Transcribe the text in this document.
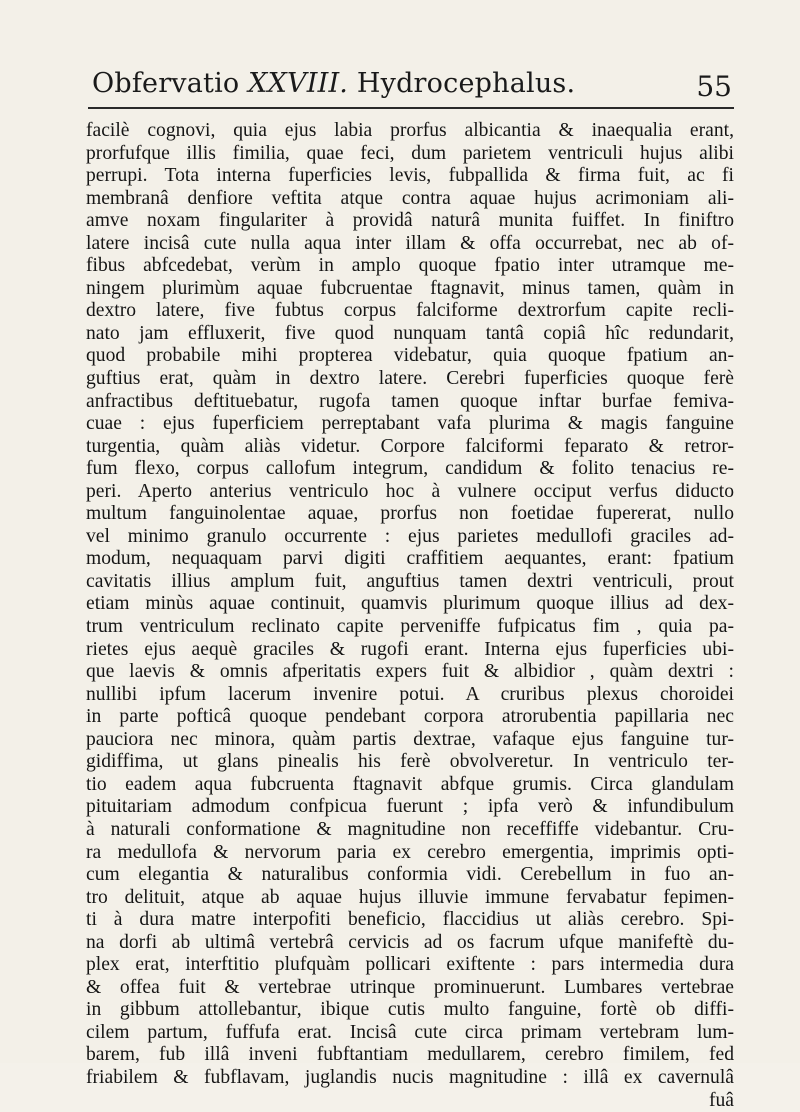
Obfervatio XXVIII. Hydrocephalus.	55
facilè cognovi, quia ejus labia prorfus albicantia & inaequalia erant,
prorfufque illis fimilia, quae feci, dum parietem ventriculi hujus alibi
perrupi. Tota interna fuperficies levis, fubpallida & firma fuit, ac fi
membranâ denfiore veftita atque contra aquae hujus acrimoniam ali-
amve noxam fingulariter à providâ naturâ munita fuiffet. In finiftro
latere incisâ cute nulla aqua inter illam & offa occurrebat, nec ab of-
fibus abfcedebat, verùm in amplo quoque fpatio inter utramque me-
ningem plurimùm aquae fubcruentae ftagnavit, minus tamen, quàm in
dextro latere, five fubtus corpus falciforme dextrorfum capite recli-
nato jam effluxerit, five quod nunquam tantâ copiâ hîc redundarit,
quod probabile mihi propterea videbatur, quia quoque fpatium an-
guftius erat, quàm in dextro latere. Cerebri fuperficies quoque ferè
anfractibus deftituebatur, rugofa tamen quoque inftar burfae femiva-
cuae : ejus fuperficiem perreptabant vafa plurima & magis fanguine
turgentia, quàm aliàs videtur. Corpore falciformi feparato & retror-
fum flexo, corpus callofum integrum, candidum & folito tenacius re-
peri. Aperto anterius ventriculo hoc à vulnere occiput verfus diducto
multum fanguinolentae aquae, prorfus non foetidae fupererat, nullo
vel minimo granulo occurrente : ejus parietes medullofi graciles ad-
modum, nequaquam parvi digiti craffitiem aequantes, erant: fpatium
cavitatis illius amplum fuit, anguftius tamen dextri ventriculi, prout
etiam minùs aquae continuit, quamvis plurimum quoque illius ad dex-
trum ventriculum reclinato capite perveniffe fufpicatus fim , quia pa-
rietes ejus aequè graciles & rugofi erant. Interna ejus fuperficies ubi-
que laevis & omnis afperitatis expers fuit & albidior , quàm dextri :
nullibi ipfum lacerum invenire potui. A cruribus plexus choroidei
in parte pofticâ quoque pendebant corpora atrorubentia papillaria nec
pauciora nec minora, quàm partis dextrae, vafaque ejus fanguine tur-
gidiffima, ut glans pinealis his ferè obvolveretur. In ventriculo ter-
tio eadem aqua fubcruenta ftagnavit abfque grumis. Circa glandulam
pituitariam admodum confpicua fuerunt ; ipfa verò & infundibulum
à naturali conformatione & magnitudine non receffiffe videbantur. Cru-
ra medullofa & nervorum paria ex cerebro emergentia, imprimis opti-
cum elegantia & naturalibus conformia vidi. Cerebellum in fuo an-
tro delituit, atque ab aquae hujus illuvie immune fervabatur fepimen-
ti à dura matre interpofiti beneficio, flaccidius ut aliàs cerebro. Spi-
na dorfi ab ultimâ vertebrâ cervicis ad os facrum ufque manifeftè du-
plex erat, interftitio plufquàm pollicari exiftente : pars intermedia dura
& offea fuit & vertebrae utrinque prominuerunt. Lumbares vertebrae
in gibbum attollebantur, ibique cutis multo fanguine, fortè ob diffi-
cilem partum, fuffufa erat. Incisâ cute circa primam vertebram lum-
barem, fub illâ inveni fubftantiam medullarem, cerebro fimilem, fed
friabilem & fubflavam, juglandis nucis magnitudine : illâ ex cavernulâ
fuâ
